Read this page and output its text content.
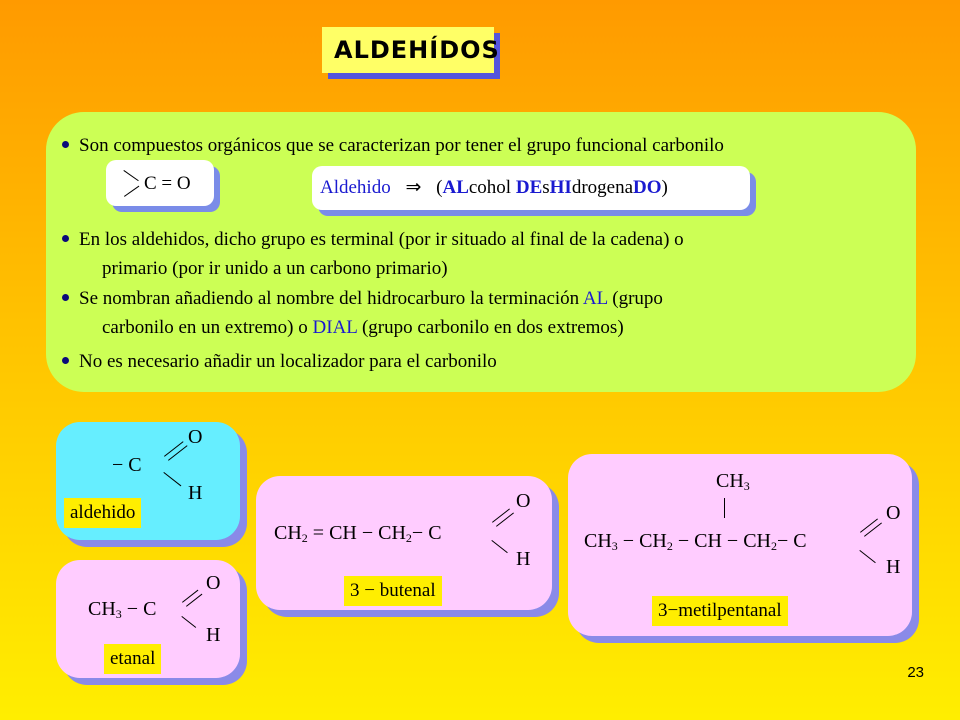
ALDEHÍDOS
Son compuestos orgánicos que se caracterizan por tener el grupo funcional carbonilo
C = O	Aldehido ⇒ (ALcohol DEsHIdrogenaDO)
En los aldehidos, dicho grupo es terminal (por ir situado al final de la cadena) o
primario (por ir unido a un carbono primario)
Se nombran añadiendo al nombre del hidrocarburo la terminación AL (grupo
carbonilo en un extremo) o DIAL (grupo carbonilo en dos extremos)
No es necesario añadir un localizador para el carbonilo
− C
O
H
aldehido
$CH_3 - C$
O
H
etanal
$CH_2$ = CH − $CH_2- C$
O
H
3 − butenal
$CH_3$
$CH_3 - CH_2$ − CH − $CH_2- C$
O
H
3−metilpentanal
23
